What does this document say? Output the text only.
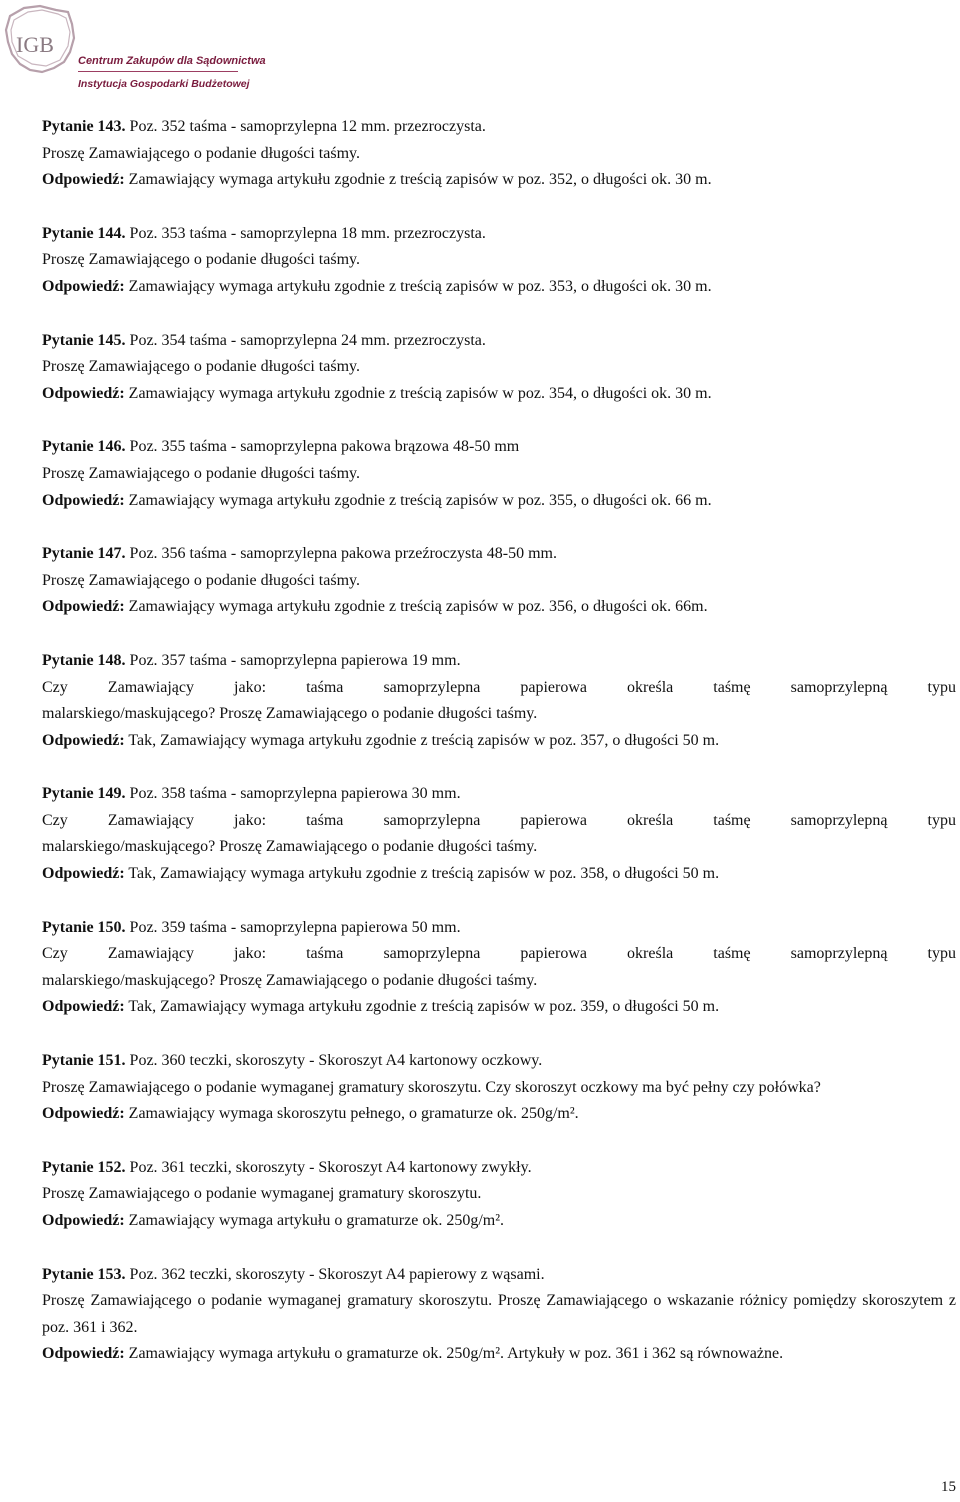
IGB
Centrum Zakupów dla Sądownictwa
Instytucja Gospodarki Budżetowej

Pytanie 143. Poz. 352 taśma - samoprzylepna 12 mm. przezroczysta.

Proszę Zamawiającego o podanie długości taśmy.

Odpowiedź: Zamawiający wymaga artykułu zgodnie z treścią zapisów w poz. 352, o długości ok. 30 m.

Pytanie 144. Poz. 353 taśma - samoprzylepna 18 mm. przezroczysta.

Proszę Zamawiającego o podanie długości taśmy.

Odpowiedź: Zamawiający wymaga artykułu zgodnie z treścią zapisów w poz. 353, o długości ok. 30 m.

Pytanie 145. Poz. 354 taśma - samoprzylepna 24 mm. przezroczysta.

Proszę Zamawiającego o podanie długości taśmy.

Odpowiedź: Zamawiający wymaga artykułu zgodnie z treścią zapisów w poz. 354, o długości ok. 30 m.

Pytanie 146. Poz. 355 taśma - samoprzylepna pakowa brązowa 48-50 mm

Proszę Zamawiającego o podanie długości taśmy.

Odpowiedź: Zamawiający wymaga artykułu zgodnie z treścią zapisów w poz. 355, o długości ok. 66 m.

Pytanie 147. Poz. 356 taśma - samoprzylepna pakowa przeźroczysta 48-50 mm.

Proszę Zamawiającego o podanie długości taśmy.

Odpowiedź: Zamawiający wymaga artykułu zgodnie z treścią zapisów w poz. 356, o długości ok. 66m.

Pytanie 148. Poz. 357 taśma - samoprzylepna papierowa 19 mm.

Czy Zamawiający jako: taśma samoprzylepna papierowa określa taśmę samoprzylepną typu

malarskiego/maskującego? Proszę Zamawiającego o podanie długości taśmy.

Odpowiedź: Tak, Zamawiający wymaga artykułu zgodnie z treścią zapisów w poz. 357, o długości 50 m.

Pytanie 149. Poz. 358 taśma - samoprzylepna papierowa 30 mm.

Czy Zamawiający jako: taśma samoprzylepna papierowa określa taśmę samoprzylepną typu

malarskiego/maskującego? Proszę Zamawiającego o podanie długości taśmy.

Odpowiedź: Tak, Zamawiający wymaga artykułu zgodnie z treścią zapisów w poz. 358, o długości 50 m.

Pytanie 150. Poz. 359 taśma - samoprzylepna papierowa 50 mm.

Czy Zamawiający jako: taśma samoprzylepna papierowa określa taśmę samoprzylepną typu

malarskiego/maskującego? Proszę Zamawiającego o podanie długości taśmy.

Odpowiedź: Tak, Zamawiający wymaga artykułu zgodnie z treścią zapisów w poz. 359, o długości 50 m.

Pytanie 151. Poz. 360 teczki, skoroszyty - Skoroszyt A4 kartonowy oczkowy.

Proszę Zamawiającego o podanie wymaganej gramatury skoroszytu. Czy skoroszyt oczkowy ma być pełny czy połówka?

Odpowiedź: Zamawiający wymaga skoroszytu pełnego, o gramaturze ok. 250g/m².

Pytanie 152. Poz. 361 teczki, skoroszyty - Skoroszyt A4 kartonowy zwykły.

Proszę Zamawiającego o podanie wymaganej gramatury skoroszytu.

Odpowiedź: Zamawiający wymaga artykułu o gramaturze ok. 250g/m².

Pytanie 153. Poz. 362 teczki, skoroszyty - Skoroszyt A4 papierowy z wąsami.

Proszę Zamawiającego o podanie wymaganej gramatury skoroszytu. Proszę Zamawiającego o wskazanie różnicy pomiędzy skoroszytem z poz. 361 i 362.

Odpowiedź: Zamawiający wymaga artykułu o gramaturze ok. 250g/m². Artykuły w poz. 361 i 362 są równoważne.

15
